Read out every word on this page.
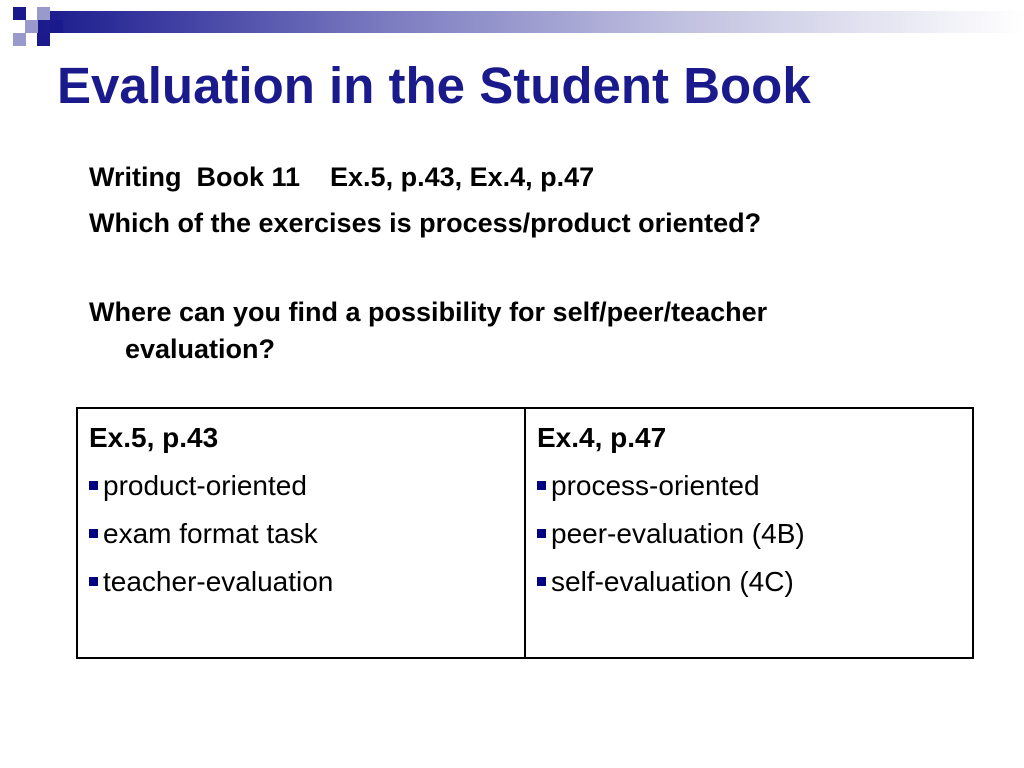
Evaluation in the Student Book

Writing  Book 11    Ex.5, p.43, Ex.4, p.47

Which of the exercises is process/product oriented?

Where can you find a possibility for self/peer/teacher
evaluation?

Ex.5, p.43
product-oriented
exam format task
teacher-evaluation

Ex.4, p.47
process-oriented
peer-evaluation (4B)
self-evaluation (4C)
